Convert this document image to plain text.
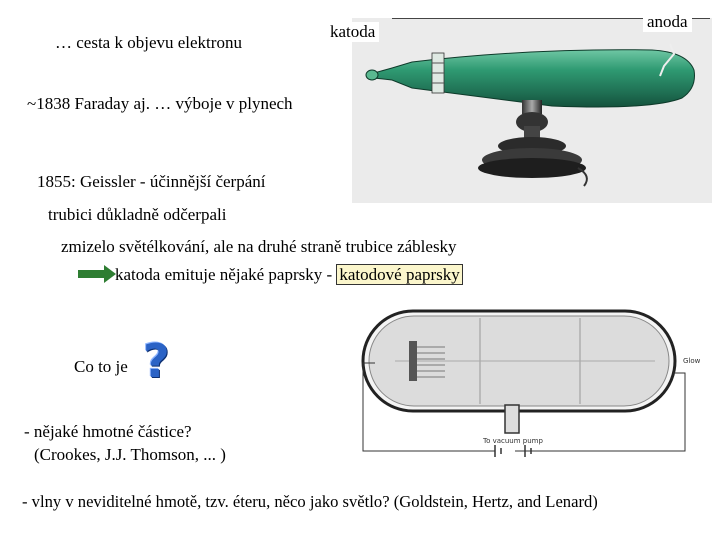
… cesta k objevu elektronu
katoda
anoda
~1838 Faraday aj. … výboje v plynech
1855: Geissler - účinnější čerpání
trubici důkladně odčerpali
zmizelo světélkování, ale na druhé straně trubice záblesky
katoda emituje nějaké paprsky - katodové paprsky
Co to je ?	Glow
To vacuum pump
- nějaké hmotné částice?
(Crookes, J.J. Thomson, ... )
- vlny v neviditelné hmotě, tzv. éteru, něco jako světlo? (Goldstein, Hertz, and Lenard)
